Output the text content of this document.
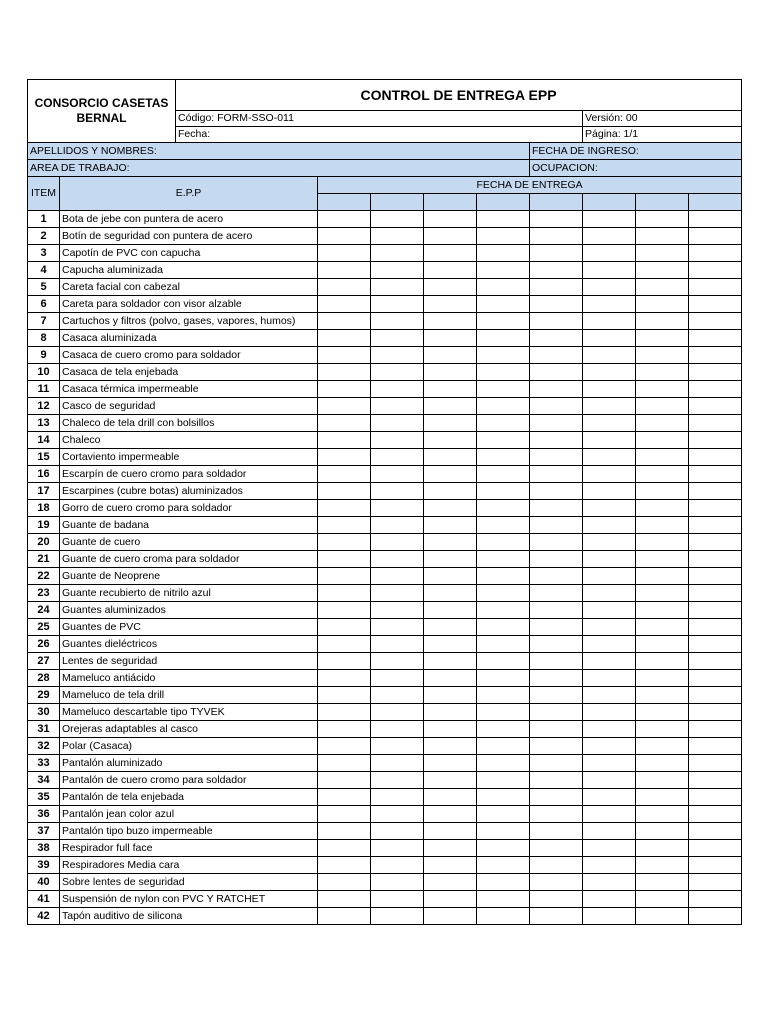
CONSORCIO CASETAS
BERNAL		CONTROL DE ENTREGA EPP								
		Código: FORM-SSO-011						Versión: 00		
		Fecha:						Página: 1/1		
APELLIDOS Y NOMBRES:							FECHA DE INGRESO:			
AREA DE TRABAJO:							OCUPACION:			
ITEM	E.P.P		FECHA DE ENTREGA							

1	Bota de jebe con puntera de acero									
2	Botín de seguridad con puntera de acero									
3	Capotín de PVC con capucha									
4	Capucha aluminizada									
5	Careta facial con cabezal									
6	Careta para soldador con visor alzable									
7	Cartuchos y filtros (polvo, gases, vapores, humos)									
8	Casaca aluminizada									
9	Casaca de cuero cromo para soldador									
10	Casaca de tela enjebada									
11	Casaca térmica impermeable									
12	Casco de seguridad									
13	Chaleco de tela drill con bolsillos									
14	Chaleco									
15	Cortaviento impermeable									
16	Escarpín de cuero cromo para soldador									
17	Escarpines (cubre botas) aluminizados									
18	Gorro de cuero cromo para soldador									
19	Guante de badana									
20	Guante de cuero									
21	Guante de cuero croma para soldador									
22	Guante de Neoprene									
23	Guante recubierto de nitrilo azul									
24	Guantes aluminizados									
25	Guantes de PVC									
26	Guantes dieléctricos									
27	Lentes de seguridad									
28	Mameluco antiácido									
29	Mameluco de tela drill									
30	Mameluco descartable tipo TYVEK									
31	Orejeras adaptables al casco									
32	Polar (Casaca)									
33	Pantalón aluminizado									
34	Pantalón de cuero cromo para soldador									
35	Pantalón de tela enjebada									
36	Pantalón jean color azul									
37	Pantalón tipo buzo impermeable									
38	Respirador full face									
39	Respiradores Media cara									
40	Sobre lentes de seguridad									
41	Suspensión de nylon con PVC Y RATCHET									
42	Tapón auditivo de silicona									
